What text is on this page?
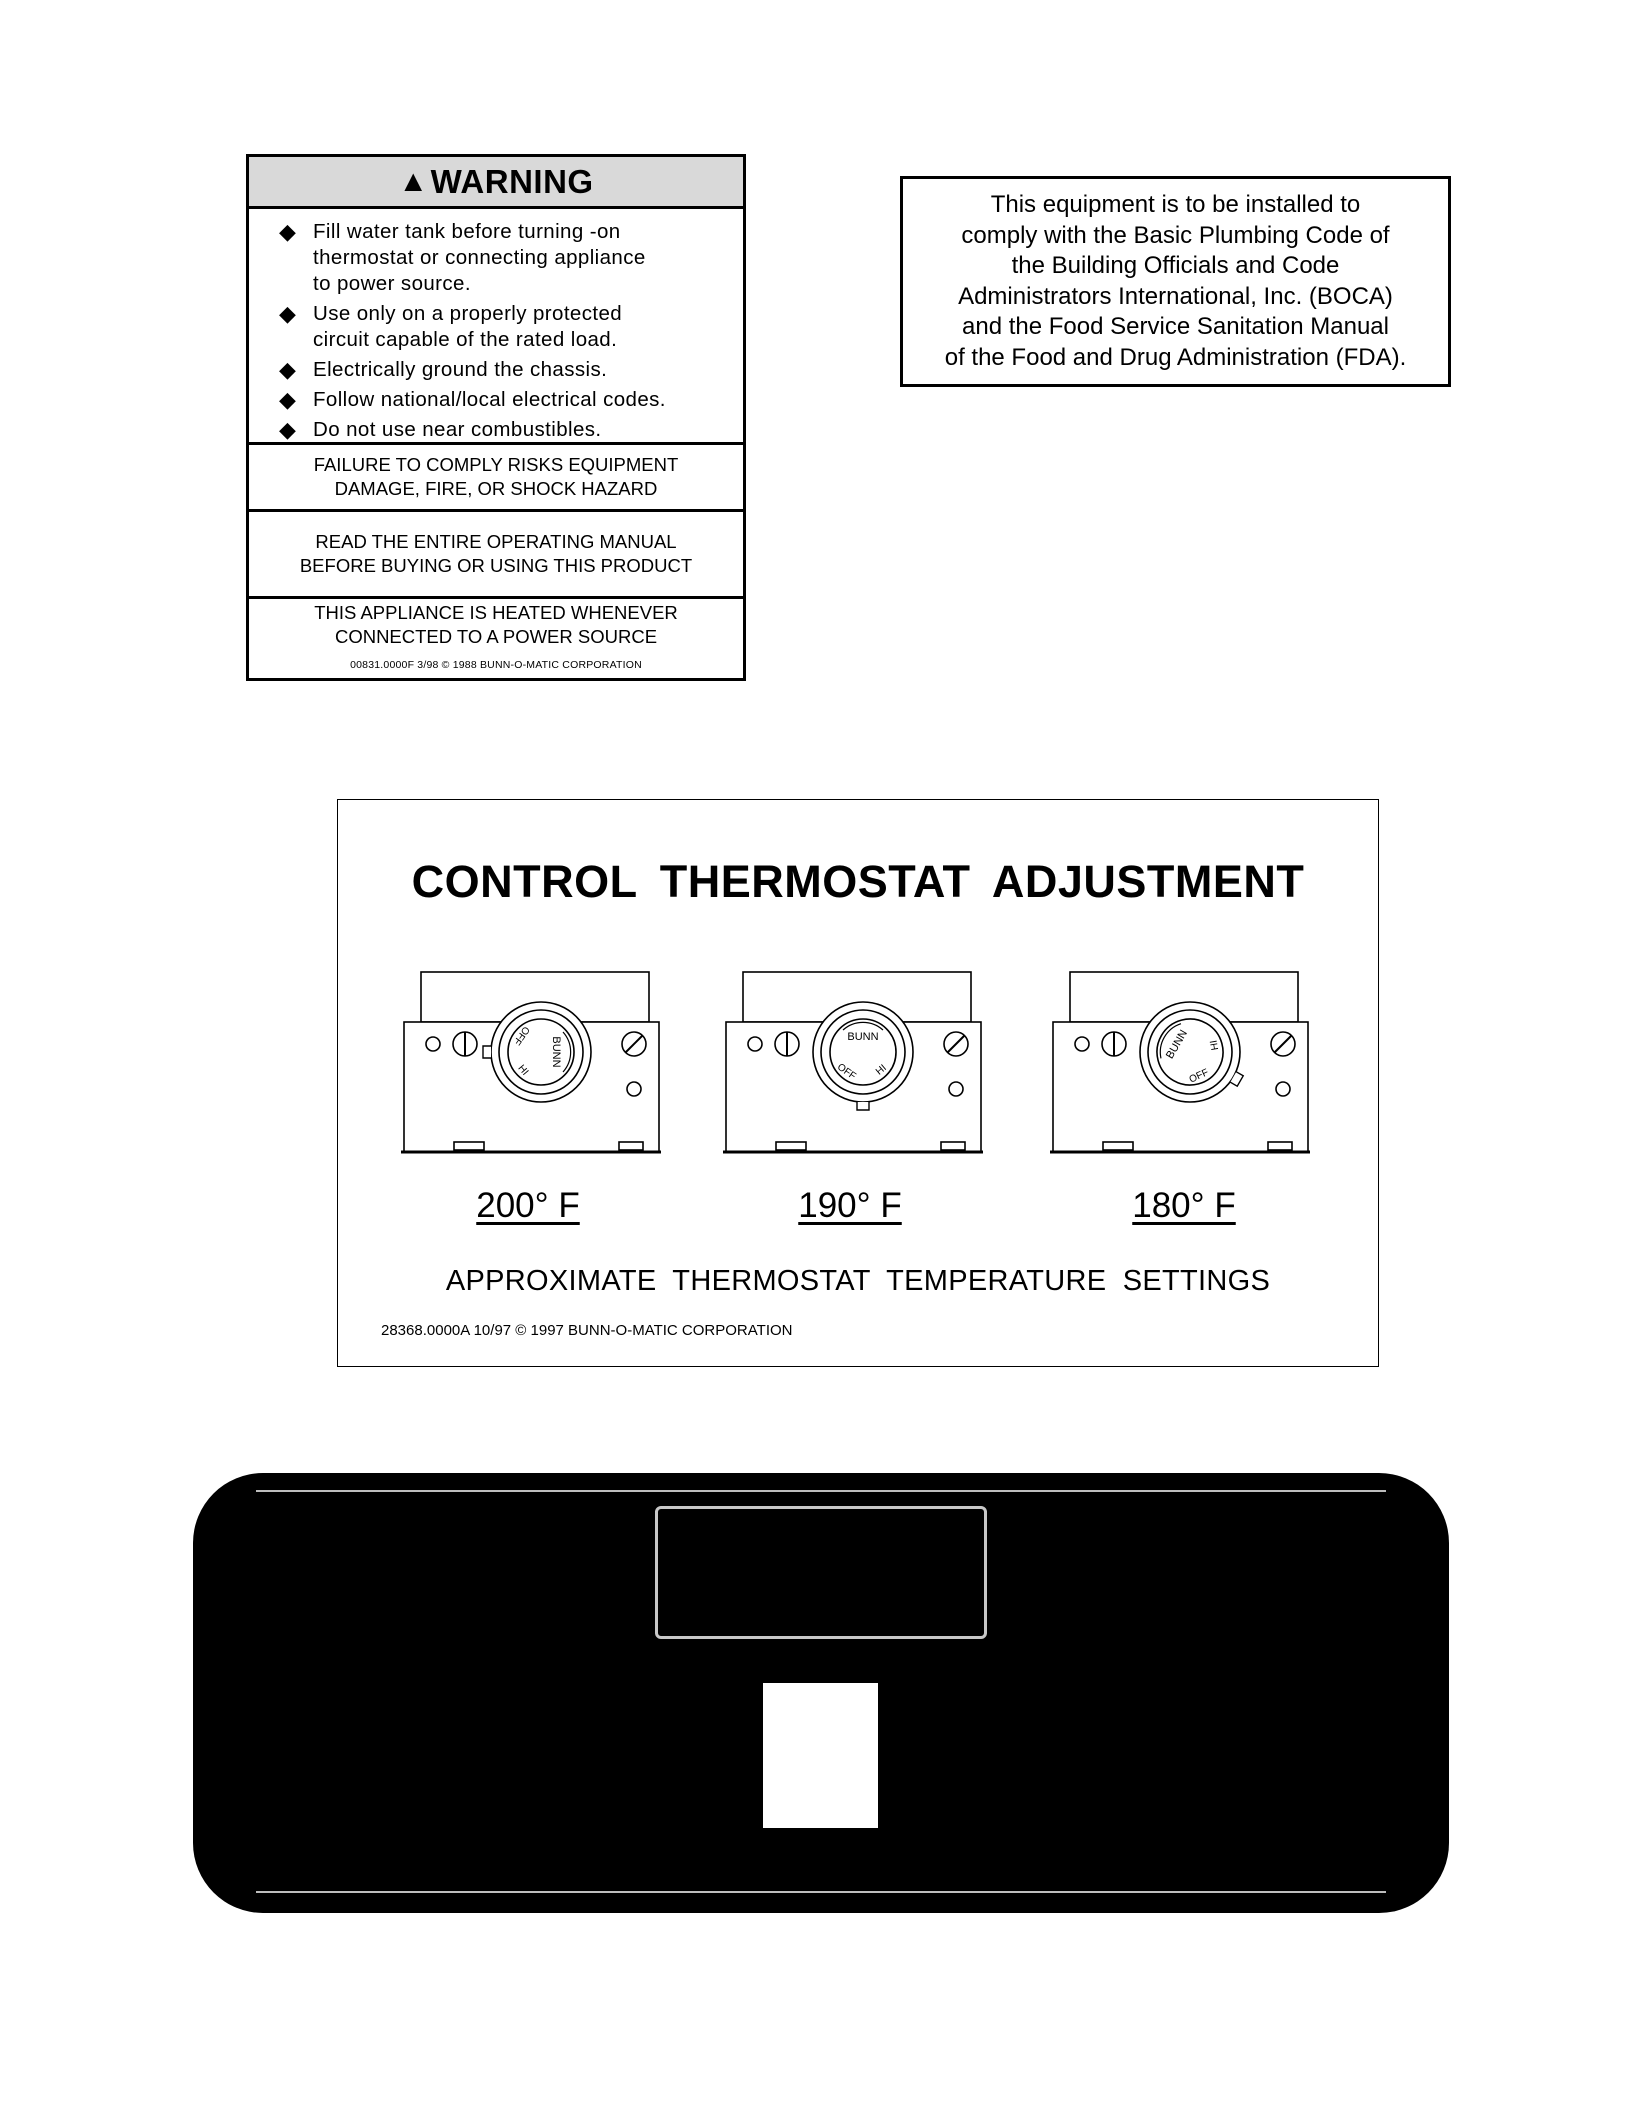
▲ WARNING
◆ Fill water tank before turning -on
thermostat or connecting appliance
to power source.
◆ Use only on a properly protected
circuit capable of the rated load.
◆ Electrically ground the chassis.
◆ Follow national/local electrical codes.
◆ Do not use near combustibles.
FAILURE TO COMPLY RISKS EQUIPMENT
DAMAGE, FIRE, OR SHOCK HAZARD
READ THE ENTIRE OPERATING MANUAL
BEFORE BUYING OR USING THIS PRODUCT
THIS APPLIANCE IS HEATED WHENEVER
CONNECTED TO A POWER SOURCE
00831.0000F 3/98 © 1988 BUNN-O-MATIC CORPORATION
This equipment is to be installed to
comply with the Basic Plumbing Code of
the Building Officials and Code
Administrators International, Inc. (BOCA)
and the Food Service Sanitation Manual
of the Food and Drug Administration (FDA).
CONTROL THERMOSTAT ADJUSTMENT
BUNN
OFF
HI
BUNN
OFF HI
BUNN
OFF
HI
200° F	190° F	180° F
APPROXIMATE THERMOSTAT TEMPERATURE SETTINGS
28368.0000A 10/97 © 1997 BUNN-O-MATIC CORPORATION
